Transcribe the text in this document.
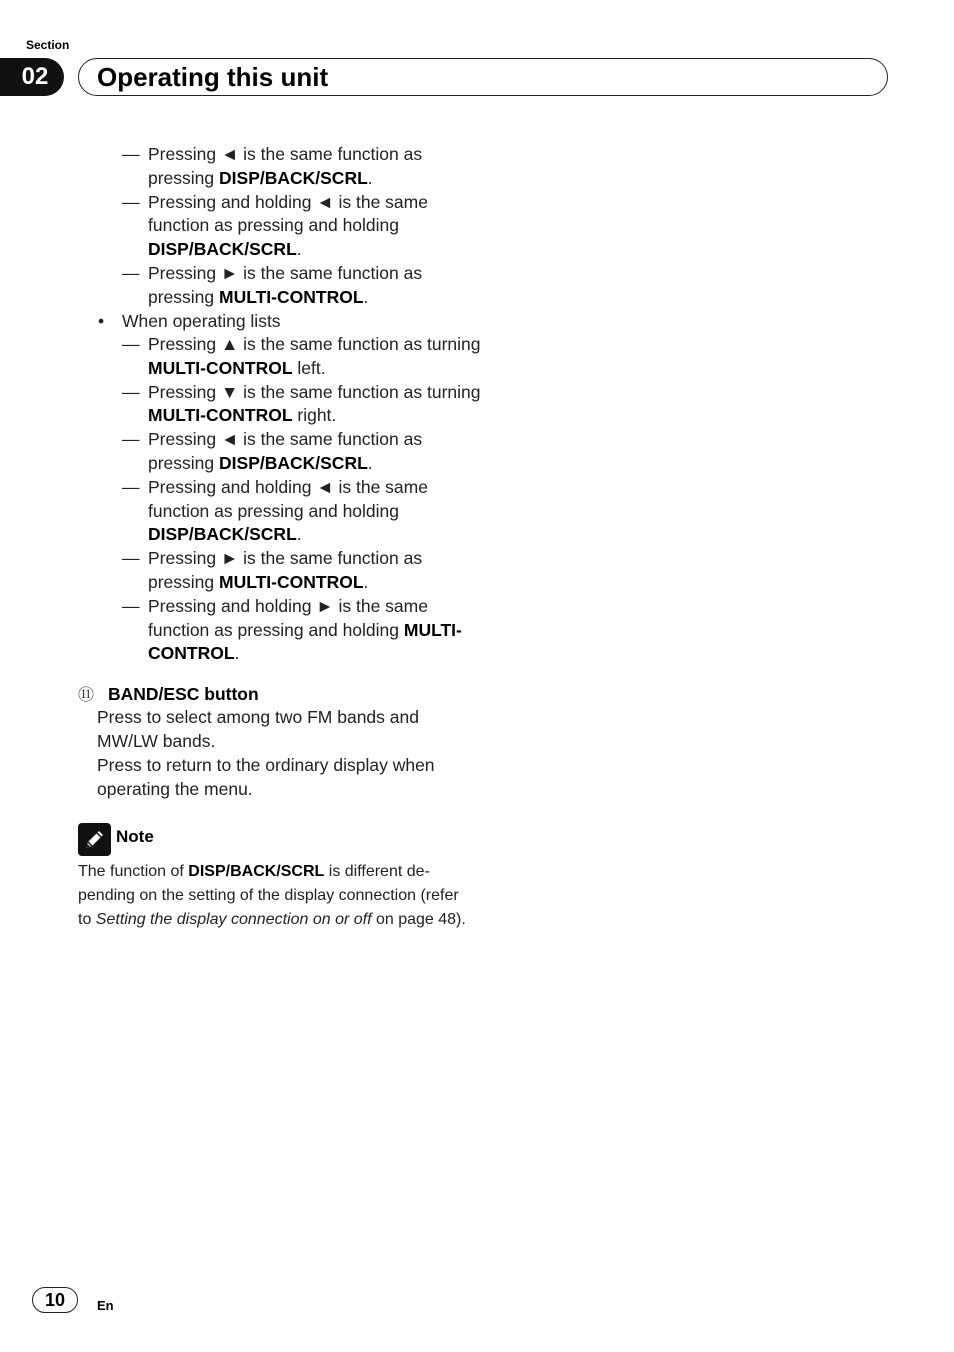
Section
02	Operating this unit
— Pressing ◄ is the same function as pressing DISP/BACK/SCRL.
— Pressing and holding ◄ is the same function as pressing and holding DISP/BACK/SCRL.
— Pressing ► is the same function as pressing MULTI-CONTROL.
• When operating lists
— Pressing ▲ is the same function as turning MULTI-CONTROL left.
— Pressing ▼ is the same function as turning MULTI-CONTROL right.
— Pressing ◄ is the same function as pressing DISP/BACK/SCRL.
— Pressing and holding ◄ is the same function as pressing and holding DISP/BACK/SCRL.
— Pressing ► is the same function as pressing MULTI-CONTROL.
— Pressing and holding ► is the same function as pressing and holding MULTI-CONTROL.
⑪ BAND/ESC button
Press to select among two FM bands and MW/LW bands.
Press to return to the ordinary display when operating the menu.
Note
The function of DISP/BACK/SCRL is different de-pending on the setting of the display connection (refer to Setting the display connection on or off on page 48).
10	En
